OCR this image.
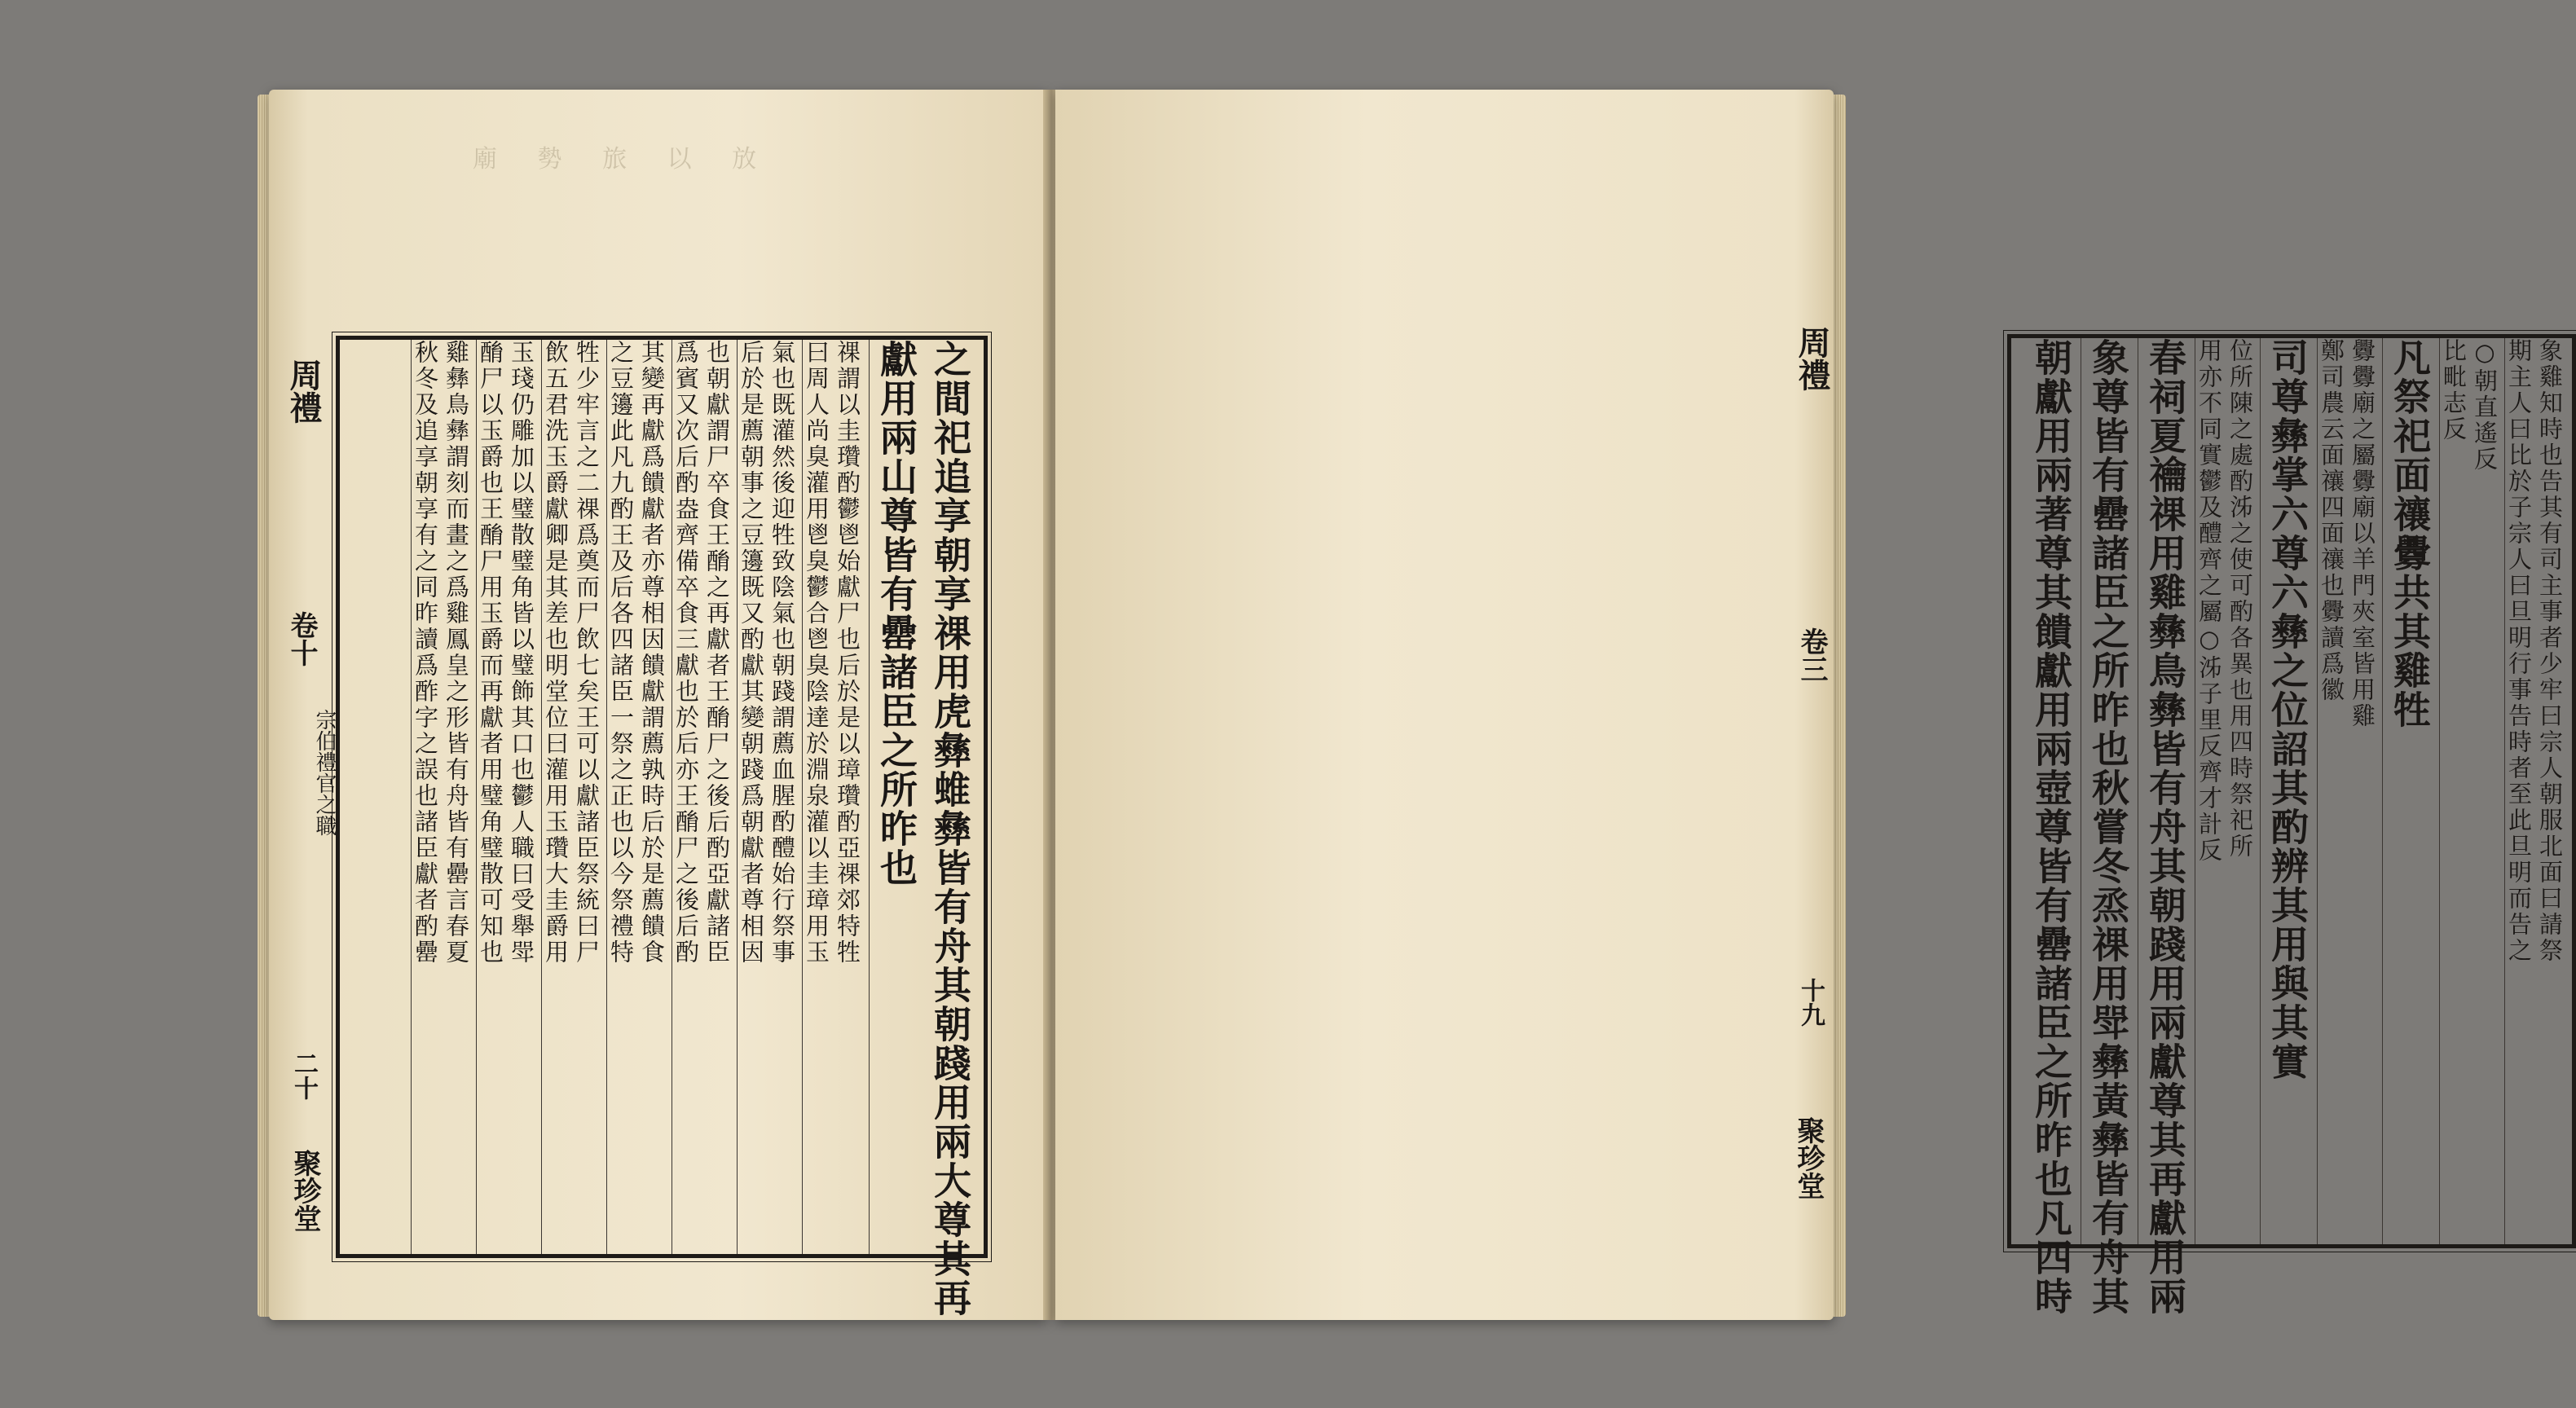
廟 勢 旅 以 放
之間祀追享朝享祼用虎彝蜼彝皆有舟其朝踐用兩大尊其再
獻用兩山尊皆有罍諸臣之所昨也
祼謂以圭瓚酌鬱鬯始獻尸也后於是以璋瓚酌亞祼郊特牲
曰周人尚臭灌用鬯臭鬱合鬯臭陰達於淵泉灌以圭璋用玉
氣也既灌然後迎牲致陰氣也朝踐謂薦血腥酌醴始行祭事
后於是薦朝事之豆籩既又酌獻其變朝踐爲朝獻者尊相因
也朝獻謂尸卒食王酳之再獻者王酳尸之後后酌亞獻諸臣
爲賓又次后酌盎齊備卒食三獻也於后亦王酳尸之後后酌
其變再獻爲饋獻者亦尊相因饋獻謂薦孰時后於是薦饋食
之豆籩此凡九酌王及后各四諸臣一祭之正也以今祭禮特
牲少牢言之二祼爲奠而尸飲七矣王可以獻諸臣祭統曰尸
飲五君洗玉爵獻卿是其差也明堂位曰灌用玉瓚大圭爵用
玉琖仍雕加以璧散璧角皆以璧飾其口也鬱人職曰受舉斝
酳尸以玉爵也王酳尸用玉爵而再獻者用璧角璧散可知也
雞彝鳥彝謂刻而畫之爲雞鳳皇之形皆有舟皆有罍言春夏
秋冬及追享朝享有之同昨讀爲酢字之誤也諸臣獻者酌罍
周禮
卷十
宗伯禮官之職
二十
聚珍堂
象雞知時也告其有司主事者少牢曰宗人朝服北面曰請祭
期主人曰比於子宗人曰旦明行事告時者至此旦明而告之
○朝直遙反
比毗志反
凡祭祀面禳釁共其雞牲
釁釁廟之屬釁廟以羊門夾室皆用雞
鄭司農云面禳四面禳也釁讀爲徽
司尊彝掌六尊六彝之位詔其酌辨其用與其實
位所陳之處酌泲之使可酌各異也用四時祭祀所
用亦不同實鬱及醴齊之屬○泲子里反齊才計反
春祠夏禴祼用雞彝鳥彝皆有舟其朝踐用兩獻尊其再獻用兩
象尊皆有罍諸臣之所昨也秋嘗冬烝祼用斝彝黃彝皆有舟其
朝獻用兩著尊其饋獻用兩壺尊皆有罍諸臣之所昨也凡四時
周禮
卷三
十九
聚珍堂
